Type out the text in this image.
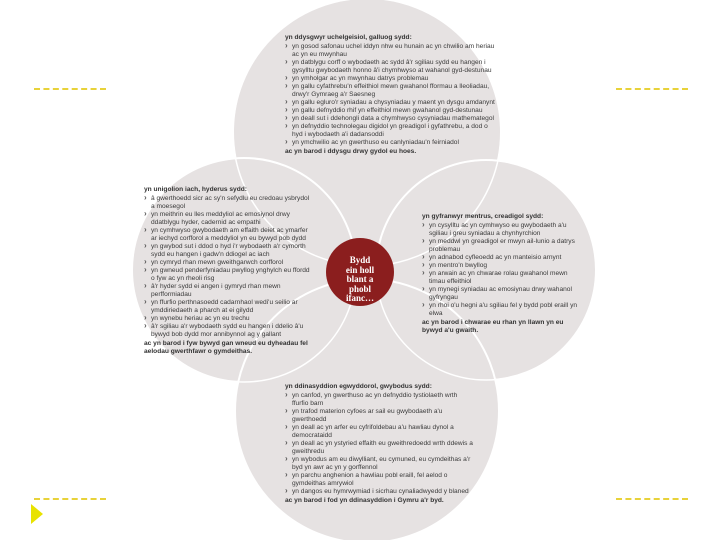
Bydd
ein holl
blant a
phobl
ifanc…
yn ddysgwyr uchelgeisiol, galluog sydd:
› yn gosod safonau uchel iddyn nhw eu hunain ac yn chwilio am heriau ac yn eu mwynhau
› yn datblygu corff o wybodaeth ac sydd â'r sgiliau sydd eu hangen i gysylltu gwybodaeth honno â'i chymhwyso at wahanol gyd-destunau
› yn ymholgar ac yn mwynhau datrys problemau
› yn gallu cyfathrebu'n effeithiol mewn gwahanol fformau a lleoliadau, drwy'r Gymraeg a'r Saesneg
› yn gallu egluro'r syniadau a chysyniadau y maent yn dysgu amdanynt
› yn gallu defnyddio rhif yn effeithiol mewn gwahanol gyd-destunau
› yn deall sut i ddehongli data a chymhwyso cysyniadau mathemategol
› yn defnyddio technolegau digidol yn greadigol i gyfathrebu, a dod o hyd i wybodaeth a'i dadansoddi
› yn ymchwilio ac yn gwerthuso eu canlyniadau'n feirniadol
ac yn barod i ddysgu drwy gydol eu hoes.
yn unigolion iach, hyderus sydd:
› â gwerthoedd sicr ac sy'n sefydlu eu credoau ysbrydol a moesegol
› yn meithrin eu lles meddyliol ac emosiynol drwy ddatblygu hyder, cadernid ac empathi
› yn cymhwyso gwybodaeth am effaith deiet ac ymarfer ar iechyd corfforol a meddyliol yn eu bywyd pob dydd
› yn gwybod sut i ddod o hyd i'r wybodaeth a'r cymorth sydd eu hangen i gadw'n ddiogel ac iach
› yn cymryd rhan mewn gweithgarwch corfforol
› yn gwneud penderfyniadau pwyllog ynghylch eu ffordd o fyw ac yn rheoli risg
› â'r hyder sydd ei angen i gymryd rhan mewn perfformiadau
› yn ffurfio perthnasoedd cadarnhaol wedi'u seilio ar ymddiriedaeth a pharch at ei gilydd
› yn wynebu heriau ac yn eu trechu
› â'r sgiliau a'r wybodaeth sydd eu hangen i ddelio â'u bywyd bob dydd mor annibynnol ag y gallant
ac yn barod i fyw bywyd gan wneud eu dyheadau fel aelodau gwerthfawr o gymdeithas.
yn gyfranwyr mentrus, creadigol sydd:
› yn cysylltu ac yn cymhwyso eu gwybodaeth a'u sgiliau i greu syniadau a chynhyrchion
› yn meddwl yn greadigol er mwyn ail-lunio a datrys problemau
› yn adnabod cyfleoedd ac yn manteisio arnynt
› yn mentro'n bwyllog
› yn arwain ac yn chwarae rolau gwahanol mewn timau effeithiol
› yn mynegi syniadau ac emosiynau drwy wahanol gyfryngau
› yn rhoi o'u hegni a'u sgiliau fel y bydd pobl eraill yn elwa
ac yn barod i chwarae eu rhan yn llawn yn eu bywyd a'u gwaith.
yn ddinasyddion egwyddorol, gwybodus sydd:
› yn canfod, yn gwerthuso ac yn defnyddio tystiolaeth wrth ffurfio barn
› yn trafod materion cyfoes ar sail eu gwybodaeth a'u gwerthoedd
› yn deall ac yn arfer eu cyfrifoldebau a'u hawliau dynol a democrataidd
› yn deall ac yn ystyried effaith eu gweithredoedd wrth ddewis a gweithredu
› yn wybodus am eu diwylliant, eu cymuned, eu cymdeithas a'r byd yn awr ac yn y gorffennol
› yn parchu anghenion a hawliau pobl eraill, fel aelod o gymdeithas amrywiol
› yn dangos eu hymrwymiad i sicrhau cynaliadwyedd y blaned
ac yn barod i fod yn ddinasyddion i Gymru a'r byd.
